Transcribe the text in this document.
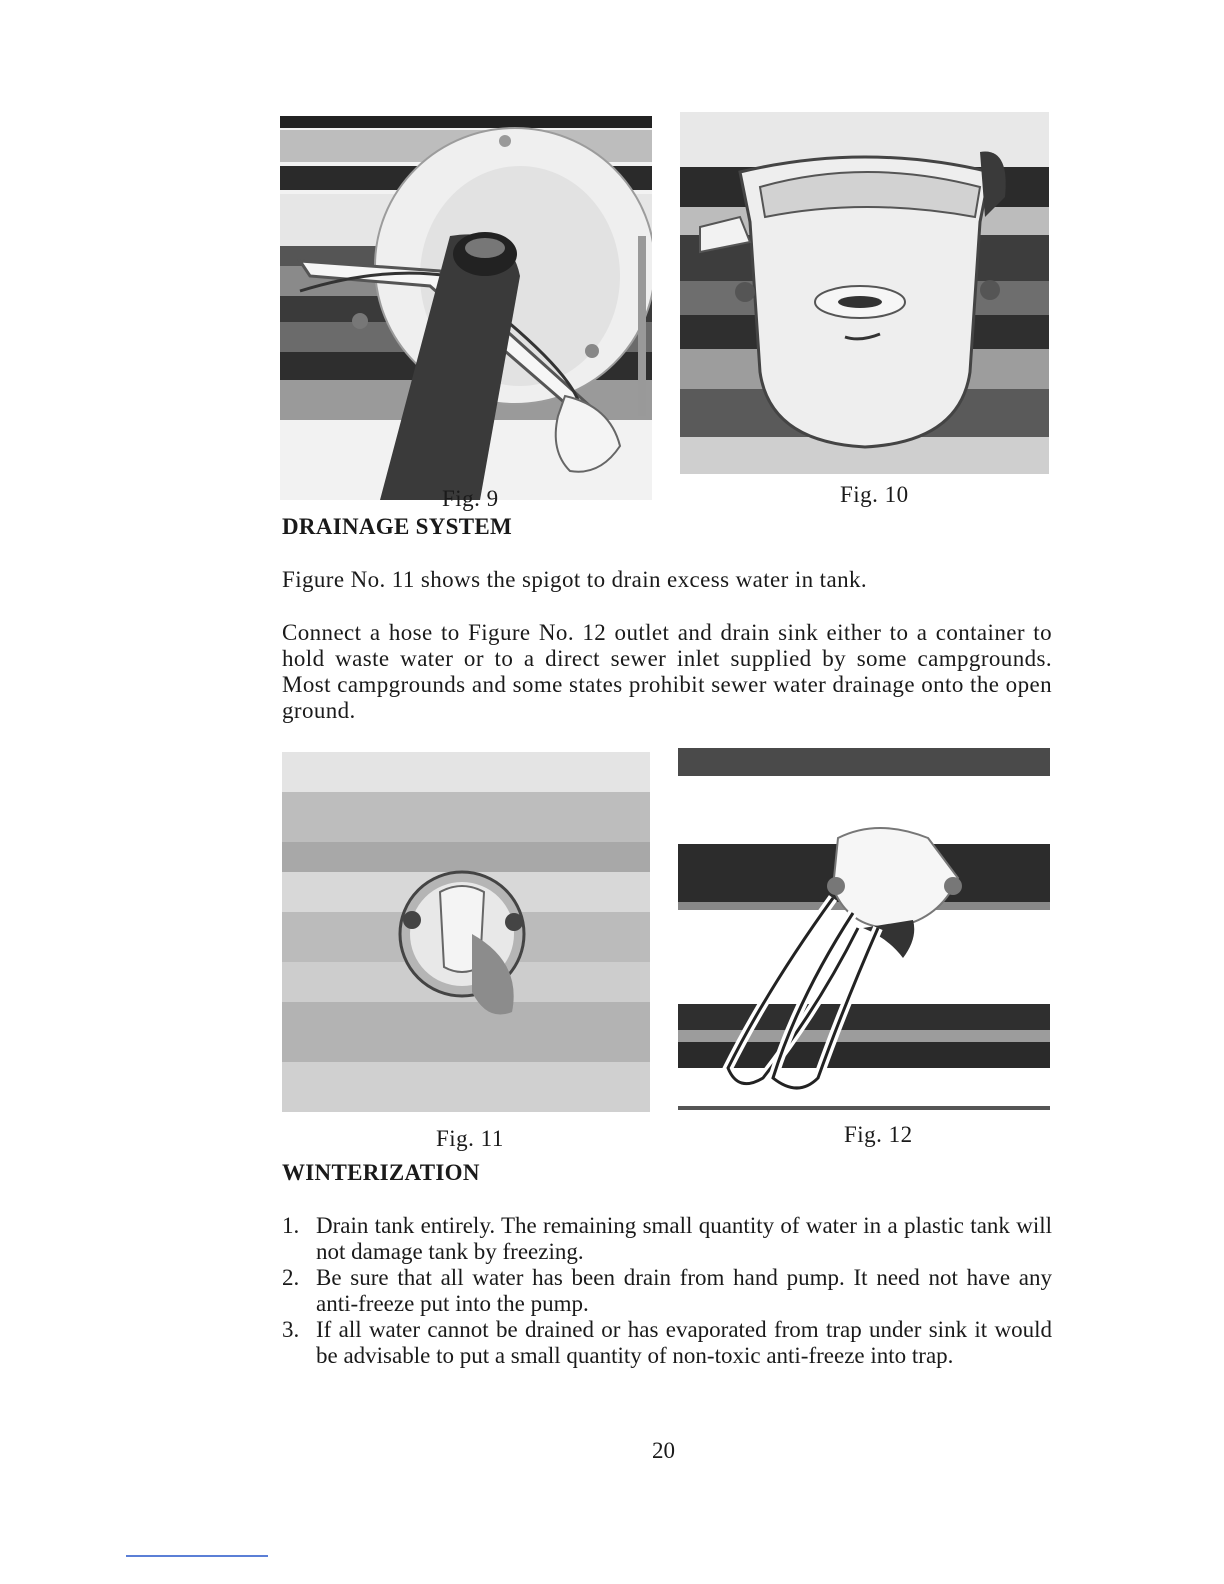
Fig. 9	Fig. 10
DRAINAGE SYSTEM

Figure No. 11 shows the spigot to drain excess water in tank.

Connect a hose to Figure No. 12 outlet and drain sink either to a container to hold waste water or to a direct sewer inlet supplied by some campgrounds. Most campgrounds and some states prohibit sewer water drainage onto the open ground.

Fig. 11	Fig. 12
WINTERIZATION

1. Drain tank entirely. The remaining small quantity of water in a plastic tank will not damage tank by freezing.

2. Be sure that all water has been drain from hand pump. It need not have any anti-freeze put into the pump.

3. If all water cannot be drained or has evaporated from trap under sink it would be advisable to put a small quantity of non-toxic anti-freeze into trap.

20
